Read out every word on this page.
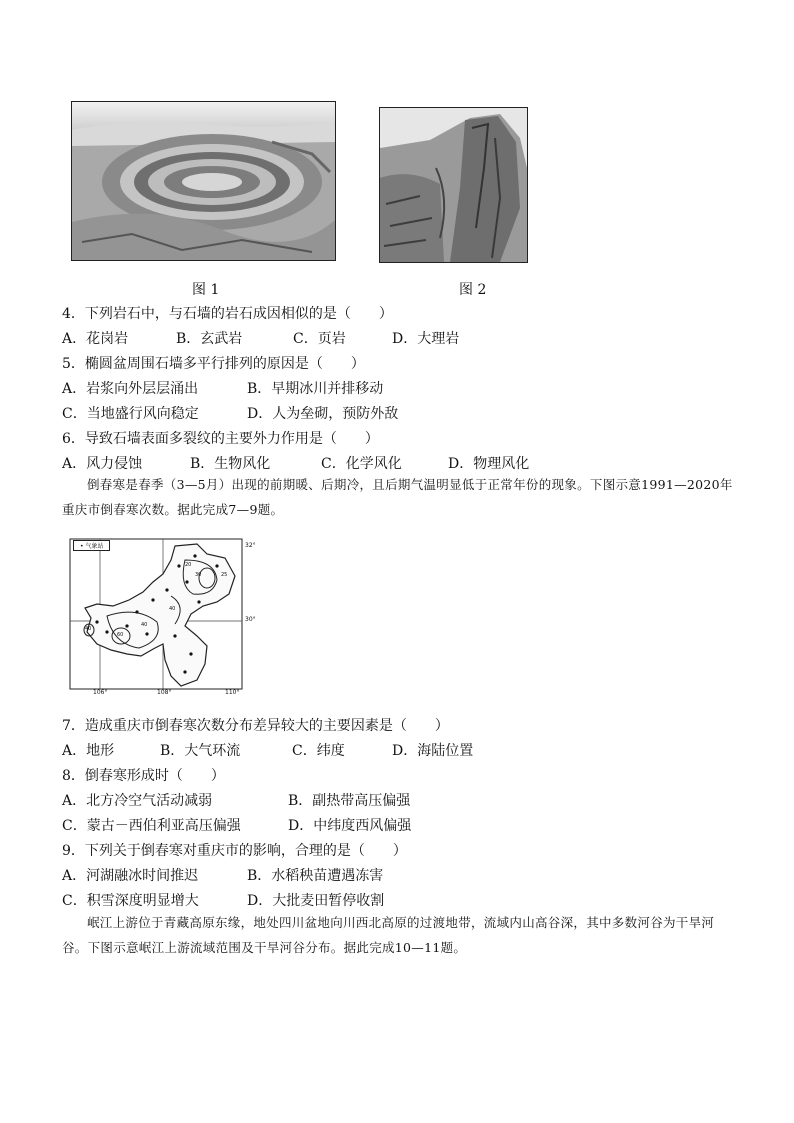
图 1	图 2
4．下列岩石中，与石墙的岩石成因相似的是（　　）
A．花岗岩	B．玄武岩	C．页岩	D．大理岩
5．椭圆盆周围石墙多平行排列的原因是（　　）
A．岩浆向外层层涌出	B．早期冰川并排移动
C．当地盛行风向稳定	D．人为垒砌，预防外敌
6．导致石墙表面多裂纹的主要外力作用是（　　）
A．风力侵蚀	B．生物风化	C．化学风化	D．物理风化
倒春寒是春季（3—5月）出现的前期暖、后期冷，且后期气温明显低于正常年份的现象。下图示意1991—2020年重庆市倒春寒次数。据此完成7—9题。
• 气象站	32°
30°
106°	108°	110°
20
30	25
40
60
40
40
7．造成重庆市倒春寒次数分布差异较大的主要因素是（　　）
A．地形	B．大气环流	C．纬度	D．海陆位置
8．倒春寒形成时（　　）
A．北方冷空气活动减弱	B．副热带高压偏强
C．蒙古－西伯利亚高压偏强	D．中纬度西风偏强
9．下列关于倒春寒对重庆市的影响，合理的是（　　）
A．河湖融冰时间推迟	B．水稻秧苗遭遇冻害
C．积雪深度明显增大	D．大批麦田暂停收割
岷江上游位于青藏高原东缘，地处四川盆地向川西北高原的过渡地带，流域内山高谷深，其中多数河谷为干旱河谷。下图示意岷江上游流域范围及干旱河谷分布。据此完成10—11题。
